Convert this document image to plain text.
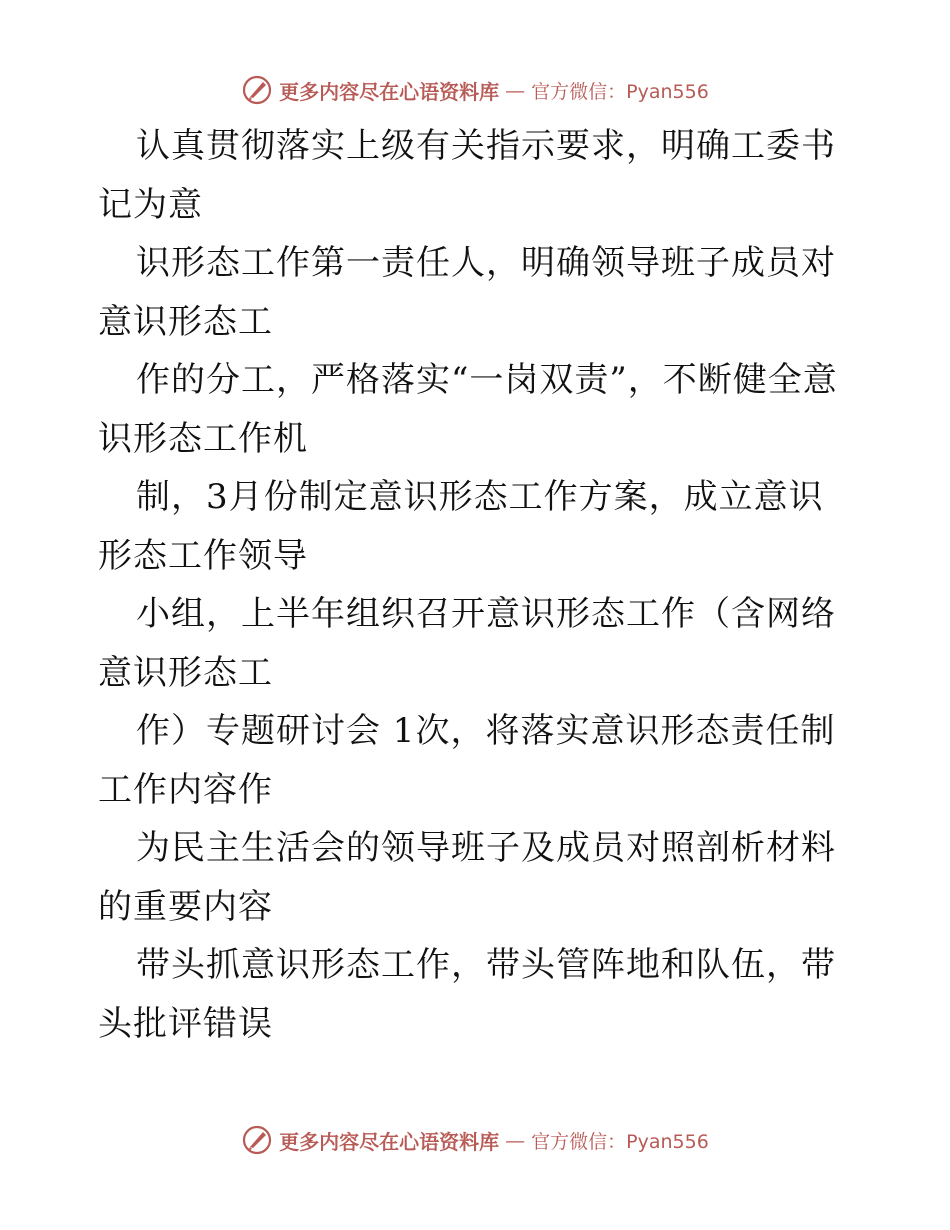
更多内容尽在心语资料库 — 官方微信：Pyan556

认真贯彻落实上级有关指示要求，明确工委书记为意

识形态工作第一责任人，明确领导班子成员对意识形态工

作的分工，严格落实“一岗双责”，不断健全意识形态工作机

制，3月份制定意识形态工作方案，成立意识形态工作领导

小组，上半年组织召开意识形态工作（含网络意识形态工

作）专题研讨会 1次，将落实意识形态责任制工作内容作

为民主生活会的领导班子及成员对照剖析材料的重要内容

带头抓意识形态工作，带头管阵地和队伍，带头批评错误

更多内容尽在心语资料库 — 官方微信：Pyan556
